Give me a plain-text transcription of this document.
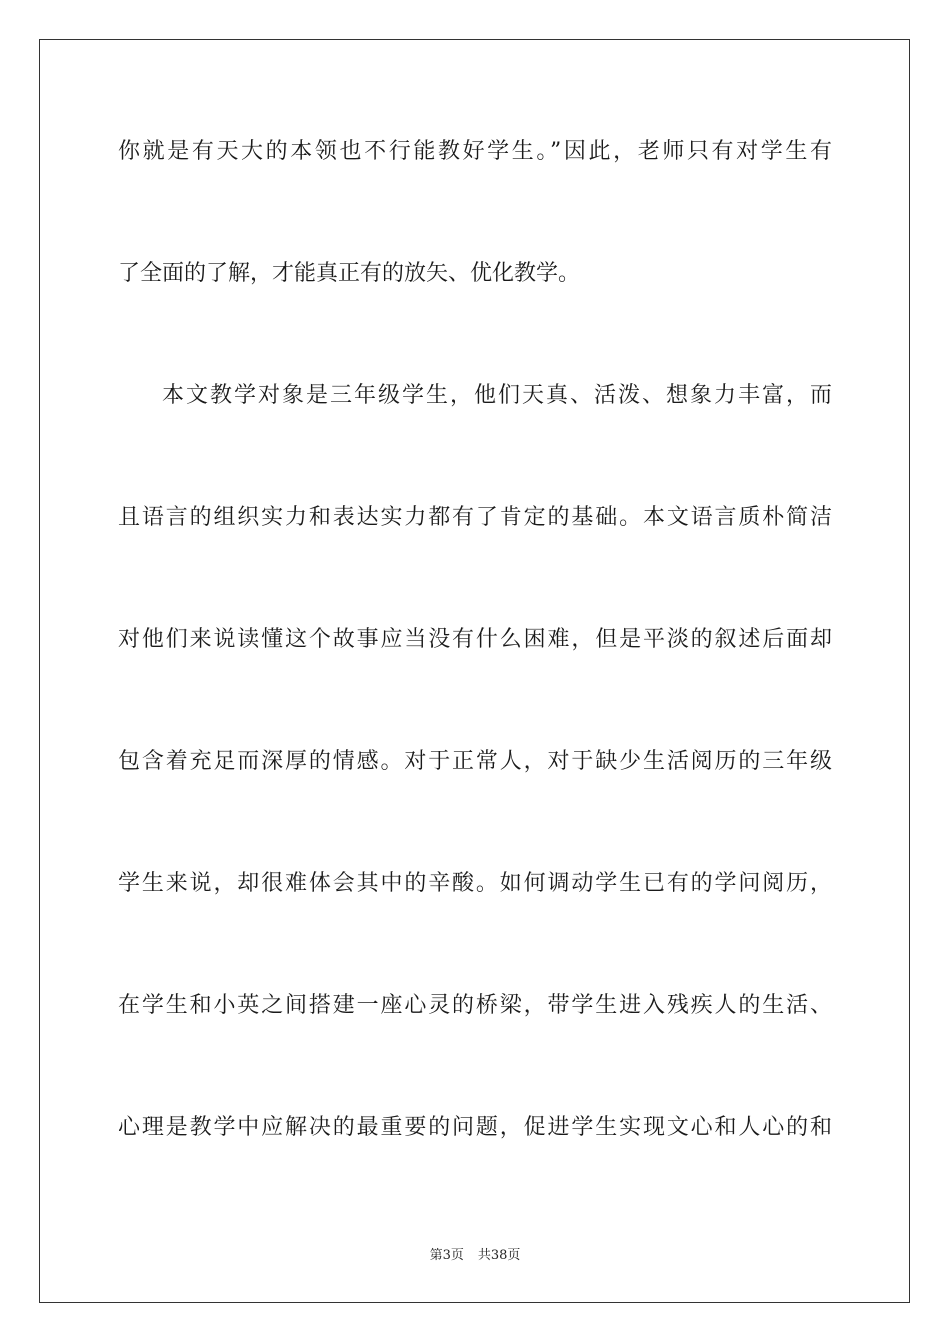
你就是有天大的本领也不行能教好学生。”因此，老师只有对学生有
了全面的了解，才能真正有的放矢、优化教学。
本文教学对象是三年级学生，他们天真、活泼、想象力丰富，而
且语言的组织实力和表达实力都有了肯定的基础。本文语言质朴简洁
对他们来说读懂这个故事应当没有什么困难，但是平淡的叙述后面却
包含着充足而深厚的情感。对于正常人，对于缺少生活阅历的三年级
学生来说，却很难体会其中的辛酸。如何调动学生已有的学问阅历，
在学生和小英之间搭建一座心灵的桥梁，带学生进入残疾人的生活、
心理是教学中应解决的最重要的问题，促进学生实现文心和人心的和
第3页 共38页
